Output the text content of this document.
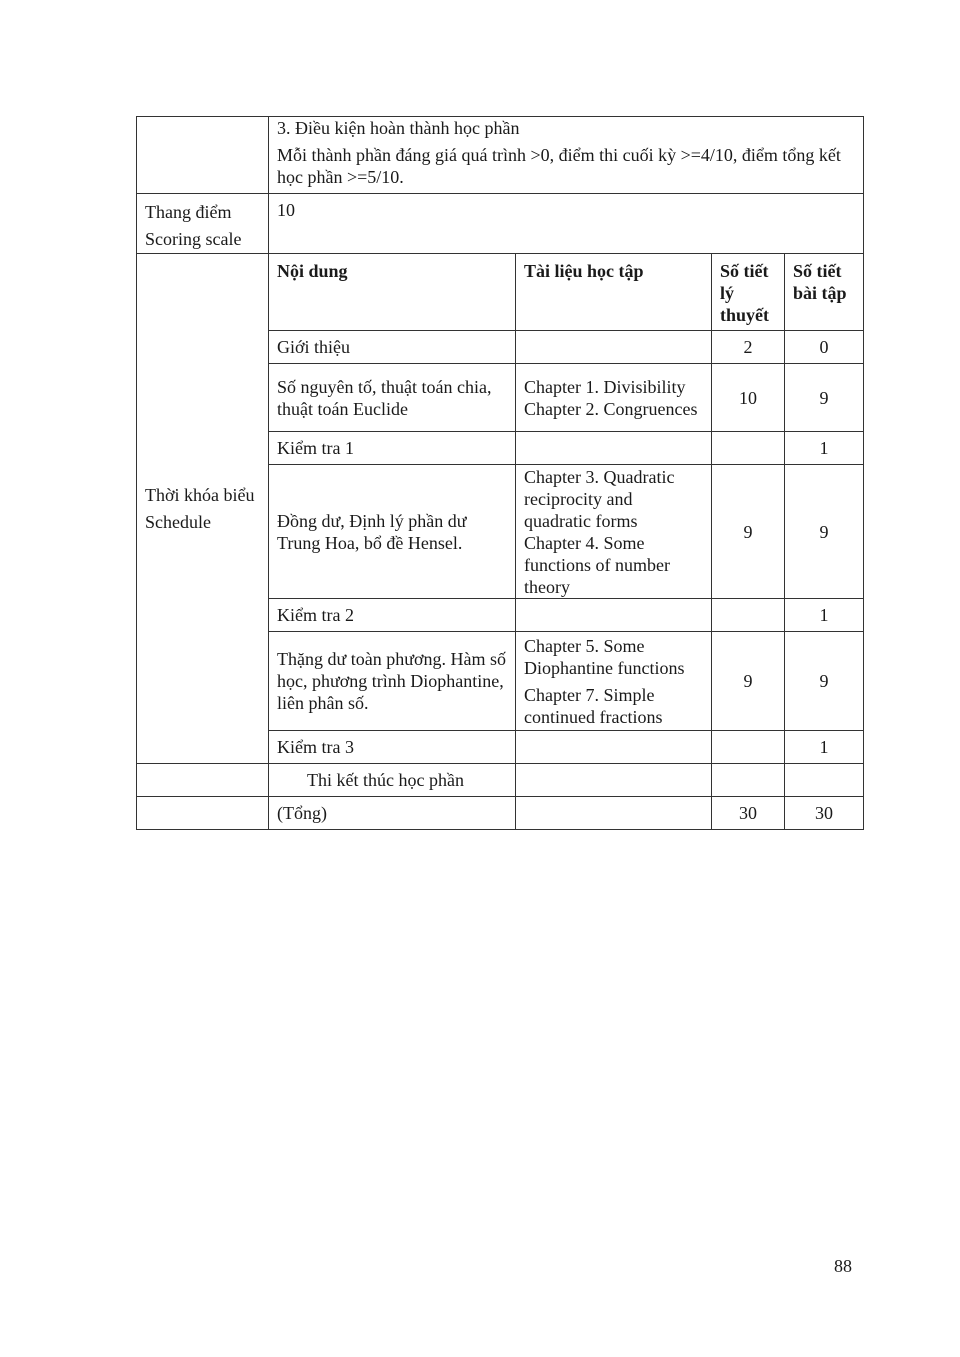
	3. Điều kiện hoàn thành học phần

Mỗi thành phần đáng giá quá trình >0, điểm thi cuối kỳ >=4/10, điểm tổng kết học phần >=5/10.			

Thang điểm
Scoring scale	10			

Thời khóa biểu
Schedule	Nội dung	Tài liệu học tập	Số tiết lý thuyết	Số tiết bài tập
	Giới thiệu		2	0
	Số nguyên tố, thuật toán chia, thuật toán Euclide	Chapter 1. Divisibility
Chapter 2. Congruences	10	9
	Kiểm tra 1			1
	Đồng dư, Định lý phần dư Trung Hoa, bổ đề Hensel.	Chapter 3. Quadratic reciprocity and quadratic forms
Chapter 4. Some functions of number theory	9	9
	Kiểm tra 2			1
	Thặng dư toàn phương. Hàm số học, phương trình Diophantine, liên phân số.	Chapter 5. Some Diophantine functions
Chapter 7. Simple continued fractions	9	9
	Kiểm tra 3			1
	Thi kết thúc học phần			
	(Tổng)		30	30
88
